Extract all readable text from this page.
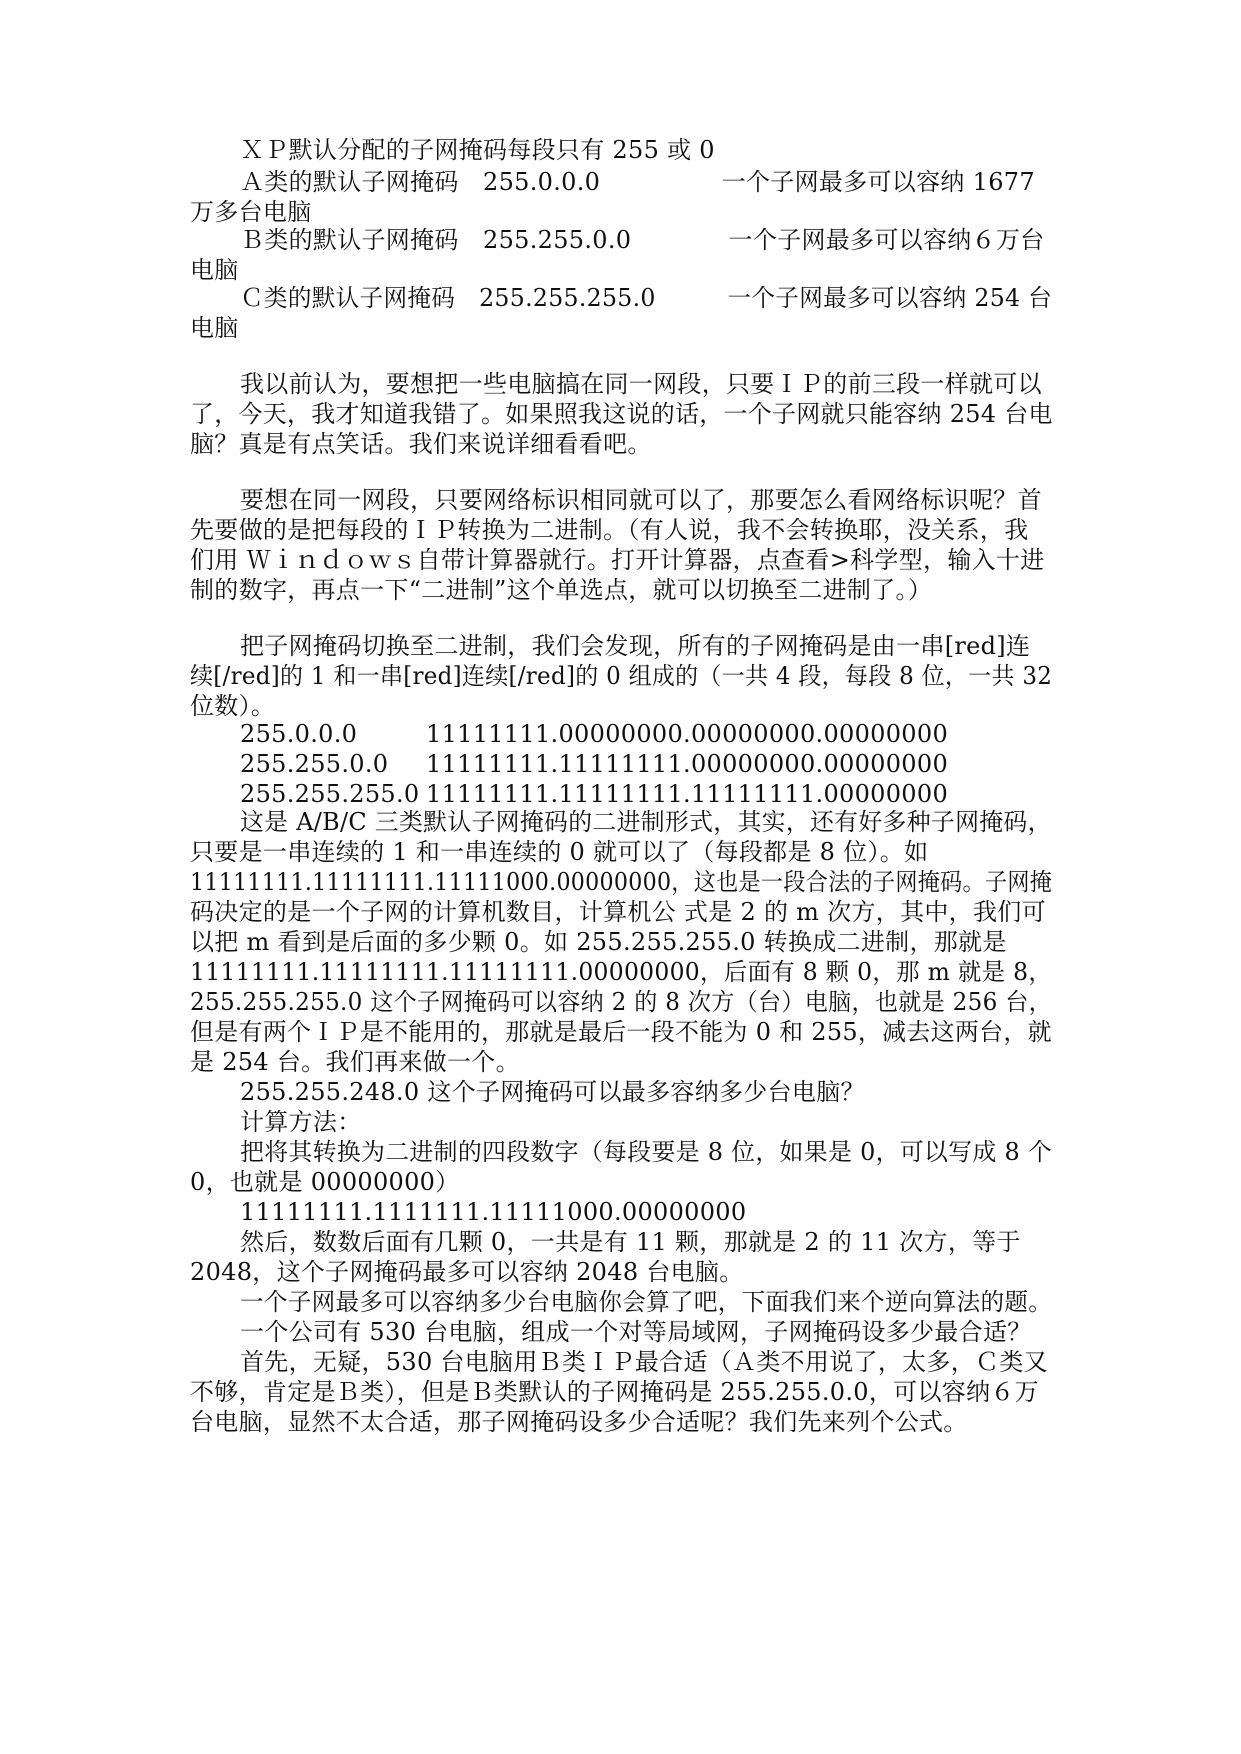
ＸＰ默认分配的子网掩码每段只有 255 或 0
Ａ类的默认子网掩码　255.0.0.0　　　　　一个子网最多可以容纳 1677
万多台电脑
Ｂ类的默认子网掩码　255.255.0.0　　　　一个子网最多可以容纳６万台
电脑
Ｃ类的默认子网掩码　255.255.255.0　　　一个子网最多可以容纳 254 台
电脑
我以前认为，要想把一些电脑搞在同一网段，只要ＩＰ的前三段一样就可以
了，今天，我才知道我错了。如果照我这说的话，一个子网就只能容纳 254 台电
脑？真是有点笑话。我们来说详细看看吧。
要想在同一网段，只要网络标识相同就可以了，那要怎么看网络标识呢？首
先要做的是把每段的ＩＰ转换为二进制。（有人说，我不会转换耶，没关系，我
们用 Ｗｉｎｄｏｗｓ自带计算器就行。打开计算器，点查看>科学型，输入十进
制的数字，再点一下“二进制”这个单选点，就可以切换至二进制了。）
把子网掩码切换至二进制，我们会发现，所有的子网掩码是由一串[red]连
续[/red]的 1 和一串[red]连续[/red]的 0 组成的（一共 4 段，每段 8 位，一共 32
位数）。
255.0.0.0	11111111.00000000.00000000.00000000
255.255.0.0 11111111.11111111.00000000.00000000
255.255.255.0 11111111.11111111.11111111.00000000
这是 A/B/C 三类默认子网掩码的二进制形式，其实，还有好多种子网掩码，
只要是一串连续的 1 和一串连续的 0 就可以了（每段都是 8 位）。如
11111111.11111111.11111000.00000000，这也是一段合法的子网掩码。子网掩
码决定的是一个子网的计算机数目，计算机公 式是 2 的 m 次方，其中，我们可
以把 m 看到是后面的多少颗 0。如 255.255.255.0 转换成二进制，那就是
11111111.11111111.11111111.00000000，后面有 8 颗 0，那 m 就是 8，
255.255.255.0 这个子网掩码可以容纳 2 的 8 次方（台）电脑，也就是 256 台，
但是有两个ＩＰ是不能用的，那就是最后一段不能为 0 和 255，减去这两台，就
是 254 台。我们再来做一个。
255.255.248.0 这个子网掩码可以最多容纳多少台电脑？
计算方法：
把将其转换为二进制的四段数字（每段要是 8 位，如果是 0，可以写成 8 个
0，也就是 00000000）
11111111.1111111.11111000.00000000
然后，数数后面有几颗 0，一共是有 11 颗，那就是 2 的 11 次方，等于
2048，这个子网掩码最多可以容纳 2048 台电脑。
一个子网最多可以容纳多少台电脑你会算了吧，下面我们来个逆向算法的题。
一个公司有 530 台电脑，组成一个对等局域网，子网掩码设多少最合适？
首先，无疑，530 台电脑用Ｂ类ＩＰ最合适（Ａ类不用说了，太多，Ｃ类又
不够，肯定是Ｂ类），但是Ｂ类默认的子网掩码是 255.255.0.0，可以容纳６万
台电脑，显然不太合适，那子网掩码设多少合适呢？我们先来列个公式。
